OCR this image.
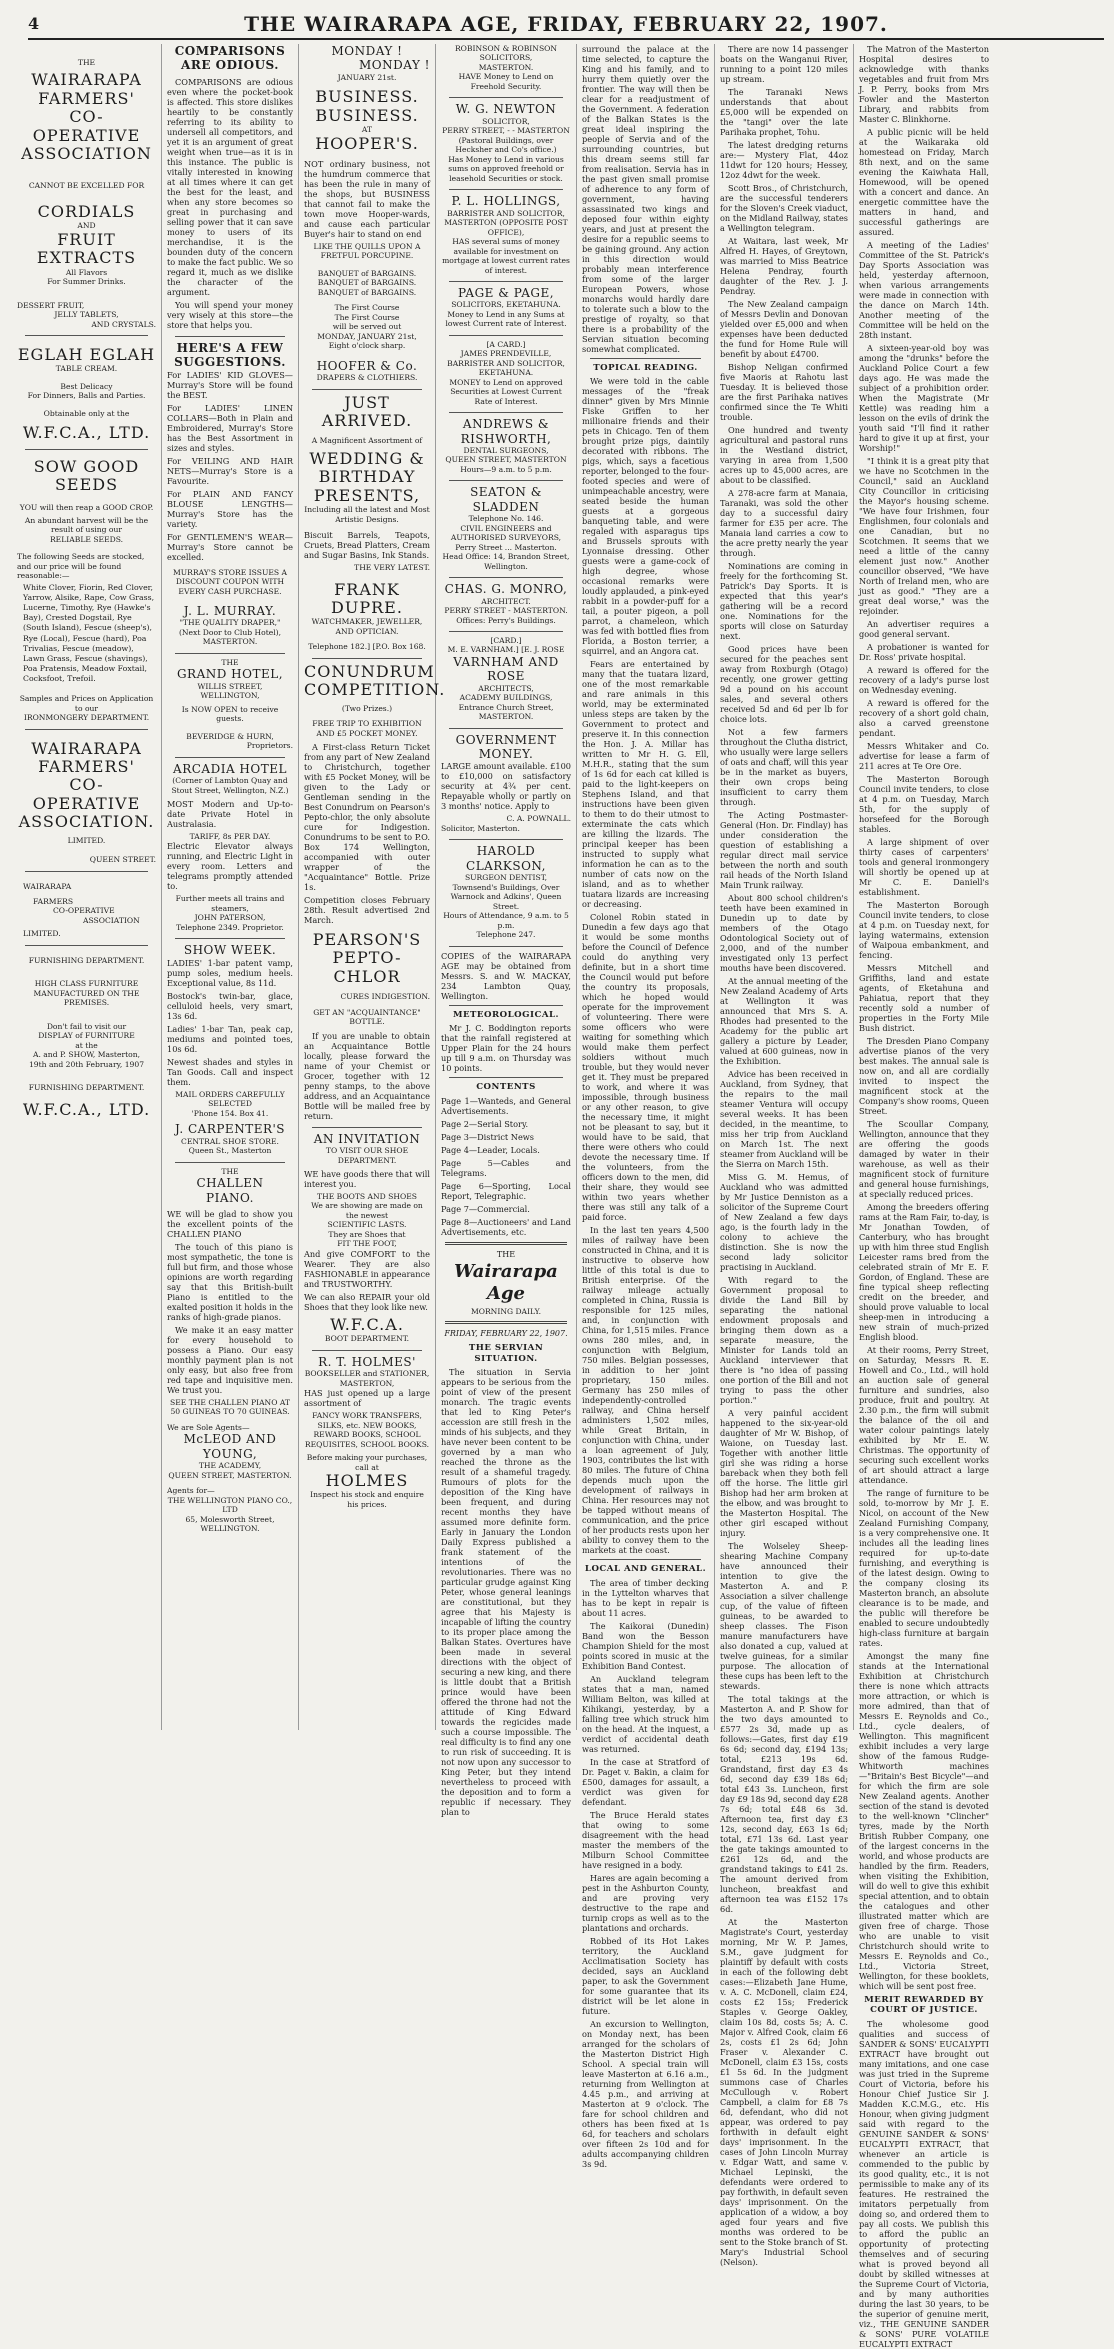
4	THE WAIRARAPA AGE, FRIDAY, FEBRUARY 22, 1907.
THE
WAIRARAPA
FARMERS'
CO-OPERATIVE
ASSOCIATION
CANNOT BE EXCELLED FOR
CORDIALS
AND
FRUIT EXTRACTS
All Flavors
For Summer Drinks.
DESSERT FRUIT,
JELLY TABLETS,
AND CRYSTALS.
EGLAH EGLAH
TABLE CREAM.
Best Delicacy
For Dinners, Balls and Parties.
Obtainable only at the
W.F.C.A., LTD.
SOW GOOD SEEDS
YOU will then reap a GOOD CROP.
An abundant harvest will be the result of using our
RELIABLE SEEDS.
The following Seeds are stocked, and our price will be found reasonable:—
White Clover, Fiorin, Red Clover, Yarrow, Alsike, Rape, Cow Grass, Lucerne, Timothy, Rye (Hawke's Bay), Crested Dogstail, Rye (South Island), Fescue (sheep's), Rye (Local), Fescue (hard), Poa Trivalias, Fescue (meadow), Lawn Grass, Fescue (shavings), Poa Pratensis, Meadow Foxtail, Cocksfoot, Trefoil.
Samples and Prices on Application to our
IRONMONGERY DEPARTMENT.
WAIRARAPA
FARMERS'
CO-OPERATIVE
ASSOCIATION.
LIMITED.
QUEEN STREET.
WAIRARAPA
FARMERS
CO-OPERATIVE
ASSOCIATION
LIMITED.
FURNISHING DEPARTMENT.
HIGH CLASS FURNITURE MANUFACTURED ON THE PREMISES.
Don't fail to visit our
DISPLAY of FURNITURE
at the
A. and P. SHOW, Masterton,
19th and 20th February, 1907
FURNISHING DEPARTMENT.
W.F.C.A., LTD.
COMPARISONS ARE ODIOUS.

COMPARISONS are odious even where the pocket-book is affected. This store dislikes heartily to be constantly referring to its ability to undersell all competitors, and yet it is an argument of great weight when true—as it is in this instance. The public is vitally interested in knowing at all times where it can get the best for the least, and when any store becomes so great in purchasing and selling power that it can save money to users of its merchandise, it is the bounden duty of the concern to make the fact public. We so regard it, much as we dislike the character of the argument.

You will spend your money very wisely at this store—the store that helps you.

HERE'S A FEW SUGGESTIONS.

For LADIES' KID GLOVES—Murray's Store will be found the BEST.

For LADIES' LINEN COLLARS—Both in Plain and Embroidered, Murray's Store has the Best Assortment in sizes and styles.

For VEILING AND HAIR NETS—Murray's Store is a Favourite.

For PLAIN AND FANCY BLOUSE LENGTHS—Murray's Store has the variety.

For GENTLEMEN'S WEAR—Murray's Store cannot be excelled.

MURRAY'S STORE ISSUES A DISCOUNT COUPON WITH EVERY CASH PURCHASE.
J. L. MURRAY.
"THE QUALITY DRAPER,"
(Next Door to Club Hotel),
MASTERTON.
THE
GRAND HOTEL,
WILLIS STREET, WELLINGTON,
Is NOW OPEN to receive guests.
BEVERIDGE & HURN,
Proprietors.
ARCADIA HOTEL
(Corner of Lambton Quay and Stout Street, Wellington, N.Z.)

MOST Modern and Up-to-date Private Hotel in Australasia.

TARIFF, 8s PER DAY.

Electric Elevator always running, and Electric Light in every room. Letters and telegrams promptly attended to.

Further meets all trains and steamers,
JOHN PATERSON,
Telephone 2349. Proprietor.
SHOW WEEK.

LADIES' 1-bar patent vamp, pump soles, medium heels. Exceptional value, 8s 11d.

Bostock's twin-bar, glace, celluloid heels, very smart, 13s 6d.

Ladies' 1-bar Tan, peak cap, mediums and pointed toes, 10s 6d.

Newest shades and styles in Tan Goods. Call and inspect them.

MAIL ORDERS CAREFULLY SELECTED
'Phone 154. Box 41.
J. CARPENTER'S
CENTRAL SHOE STORE.
Queen St., Masterton
THE
CHALLEN
PIANO.

WE will be glad to show you the excellent points of the CHALLEN PIANO

The touch of this piano is most sympathetic, the tone is full but firm, and those whose opinions are worth regarding say that this British-built Piano is entitled to the exalted position it holds in the ranks of high-grade pianos.

We make it an easy matter for every household to possess a Piano. Our easy monthly payment plan is not only easy, but also free from red tape and inquisitive men. We trust you.

SEE THE CHALLEN PIANO AT 50 GUINEAS TO 70 GUINEAS.
We are Sole Agents—
McLEOD AND YOUNG,
THE ACADEMY,
QUEEN STREET, MASTERTON.
Agents for—
THE WELLINGTON PIANO CO., LTD
65, Molesworth Street,
WELLINGTON.
MONDAY !
MONDAY !
JANUARY 21st.
BUSINESS.
BUSINESS.
AT
HOOPER'S.

NOT ordinary business, not the humdrum commerce that has been the rule in many of the shops, but BUSINESS that cannot fail to make the town move Hooper-wards, and cause each particular Buyer's hair to stand on end

LIKE THE QUILLS UPON A FRETFUL PORCUPINE.
BANQUET of BARGAINS.
BANQUET of BARGAINS.
BANQUET of BARGAINS.
The First Course
The First Course
will be served out
MONDAY, JANUARY 21st,
Eight o'clock sharp.
HOOFER & Co.
DRAPERS & CLOTHIERS.
JUST ARRIVED.
A Magnificent Assortment of
WEDDING & BIRTHDAY PRESENTS,
Including all the latest and Most Artistic Designs.

Biscuit Barrels, Teapots, Cruets, Bread Platters, Cream and Sugar Basins, Ink Stands.

THE VERY LATEST.
FRANK DUPRE.
WATCHMAKER, JEWELLER, AND OPTICIAN.
Telephone 182.] [P.O. Box 168.
CONUNDRUM
COMPETITION.
(Two Prizes.)
FREE TRIP TO EXHIBITION AND £5 POCKET MONEY.

A First-class Return Ticket from any part of New Zealand to Christchurch, together with £5 Pocket Money, will be given to the Lady or Gentleman sending in the Best Conundrum on Pearson's Pepto-chlor, the only absolute cure for Indigestion. Conundrums to be sent to P.O. Box 174 Wellington, accompanied with outer wrapper of the "Acquaintance" Bottle. Prize 1s.

Competition closes February 28th. Result advertised 2nd March.

PEARSON'S
PEPTO-CHLOR
CURES INDIGESTION.
GET AN "ACQUAINTANCE" BOTTLE.

If you are unable to obtain an Acquaintance Bottle locally, please forward the name of your Chemist or Grocer, together with 12 penny stamps, to the above address, and an Acquaintance Bottle will be mailed free by return.

AN INVITATION
TO VISIT OUR SHOE DEPARTMENT.

WE have goods there that will interest you.

THE BOOTS AND SHOES
We are showing are made on the newest
SCIENTIFIC LASTS.
They are Shoes that
FIT THE FOOT,

And give COMFORT to the Wearer. They are also FASHIONABLE in appearance and TRUSTWORTHY.

We can also REPAIR your old Shoes that they look like new.

W.F.C.A.
BOOT DEPARTMENT.
R. T. HOLMES'
BOOKSELLER and STATIONER,
MASTERTON,

HAS just opened up a large assortment of

FANCY WORK TRANSFERS, SILKS, etc. NEW BOOKS, REWARD BOOKS, SCHOOL REQUISITES, SCHOOL BOOKS.
Before making your purchases, call at
HOLMES
Inspect his stock and enquire his prices.
ROBINSON & ROBINSON
SOLICITORS,
MASTERTON.
HAVE Money to Lend on Freehold Security.
W. G. NEWTON
SOLICITOR,
PERRY STREET, - - MASTERTON
(Pastoral Buildings, over Hecksher and Co's office.)
Has Money to Lend in various sums on approved freehold or leasehold Securities or stock.
P. L. HOLLINGS,
BARRISTER AND SOLICITOR,
MASTERTON (OPPOSITE POST OFFICE),
HAS several sums of money available for investment on mortgage at lowest current rates of interest.
PAGE & PAGE,
SOLICITORS, EKETAHUNA.
Money to Lend in any Sums at lowest Current rate of Interest.
[A CARD.]
JAMES PRENDEVILLE,
BARRISTER AND SOLICITOR,
EKETAHUNA.
MONEY to Lend on approved Securities at Lowest Current Rate of Interest.
ANDREWS & RISHWORTH,
DENTAL SURGEONS,
QUEEN STREET, MASTERTON
Hours—9 a.m. to 5 p.m.
SEATON & SLADDEN
Telephone No. 146.
CIVIL ENGINEERS and AUTHORISED SURVEYORS,
Perry Street ... Masterton.
Head Office: 14, Brandon Street, Wellington.
CHAS. G. MONRO,
ARCHITECT.
PERRY STREET - MASTERTON.
Offices: Perry's Buildings.
[CARD.]
M. E. VARNHAM.] [E. J. ROSE
VARNHAM AND ROSE
ARCHITECTS,
ACADEMY BUILDINGS,
Entrance Church Street, MASTERTON.
GOVERNMENT MONEY.

LARGE amount available. £100 to £10,000 on satisfactory security at 4¾ per cent. Repayable wholly or partly on 3 months' notice. Apply to

C. A. POWNALL.
Solicitor, Masterton.
HAROLD CLARKSON,
SURGEON DENTIST,
Townsend's Buildings, Over Warnock and Adkins', Queen Street.
Hours of Attendance, 9 a.m. to 5 p.m.
Telephone 247.

COPIES of the WAIRARAPA AGE may be obtained from Messrs. S. and W. MACKAY, 234 Lambton Quay, Wellington.

METEOROLOGICAL.

Mr J. C. Boddington reports that the rainfall registered at Upper Plain for the 24 hours up till 9 a.m. on Thursday was 10 points.

CONTENTS

Page 1—Wanteds, and General Advertisements.

Page 2—Serial Story.

Page 3—District News

Page 4—Leader, Locals.

Page 5—Cables and Telegrams.

Page 6—Sporting, Local Report, Telegraphic.

Page 7—Commercial.

Page 8—Auctioneers' and Land Advertisements, etc.

THE
Wairarapa Age
MORNING DAILY.
FRIDAY, FEBRUARY 22, 1907.
THE SERVIAN SITUATION.

The situation in Servia appears to be serious from the point of view of the present monarch. The tragic events that led to King Peter's accession are still fresh in the minds of his subjects, and they have never been content to be governed by a man who reached the throne as the result of a shameful tragedy. Rumours of plots for the deposition of the King have been frequent, and during recent months they have assumed more definite form. Early in January the London Daily Express published a frank statement of the intentions of the revolutionaries. There was no particular grudge against King Peter, whose general leanings are constitutional, but they agree that his Majesty is incapable of lifting the country to its proper place among the Balkan States. Overtures have been made in several directions with the object of securing a new king, and there is little doubt that a British prince would have been offered the throne had not the attitude of King Edward towards the regicides made such a course impossible. The real difficulty is to find any one to run risk of succeeding. It is not now upon any successor to King Peter, but they intend nevertheless to proceed with the deposition and to form a republic if necessary. They plan to

surround the palace at the time selected, to capture the King and his family, and to hurry them quietly over the frontier. The way will then be clear for a readjustment of the Government. A federation of the Balkan States is the great ideal inspiring the people of Servia and of the surrounding countries, but this dream seems still far from realisation. Servia has in the past given small promise of adherence to any form of government, having assassinated two kings and deposed four within eighty years, and just at present the desire for a republic seems to be gaining ground. Any action in this direction would probably mean interference from some of the larger European Powers, whose monarchs would hardly dare to tolerate such a blow to the prestige of royalty, so that there is a probability of the Servian situation becoming somewhat complicated.

TOPICAL READING.

We were told in the cable messages of the "freak dinner" given by Mrs Minnie Fiske Griffen to her millionaire friends and their pets in Chicago. Ten of them brought prize pigs, daintily decorated with ribbons. The pigs, which, says a facetious reporter, belonged to the four-footed species and were of unimpeachable ancestry, were seated beside the human guests at a gorgeous banqueting table, and were regaled with asparagus tips and Brussels sprouts with Lyonnaise dressing. Other guests were a game-cock of high degree, whose occasional remarks were loudly applauded, a pink-eyed rabbit in a powder-puff for a tail, a pouter pigeon, a poll parrot, a chameleon, which was fed with bottled flies from Florida, a Boston terrier, a squirrel, and an Angora cat.

Fears are entertained by many that the tuatara lizard, one of the most remarkable and rare animals in this world, may be exterminated unless steps are taken by the Government to protect and preserve it. In this connection the Hon. J. A. Millar has written to Mr H. G. Ell, M.H.R., stating that the sum of 1s 6d for each cat killed is paid to the light-keepers on Stephens Island, and that instructions have been given to them to do their utmost to exterminate the cats which are killing the lizards. The principal keeper has been instructed to supply what information he can as to the number of cats now on the island, and as to whether tuatara lizards are increasing or decreasing.

Colonel Robin stated in Dunedin a few days ago that it would be some months before the Council of Defence could do anything very definite, but in a short time the Council would put before the country its proposals, which he hoped would operate for the improvement of volunteering. There were some officers who were waiting for something which would make them perfect soldiers without much trouble, but they would never get it. They must be prepared to work, and where it was impossible, through business or any other reason, to give the necessary time, it might not be pleasant to say, but it would have to be said, that there were others who could devote the necessary time. If the volunteers, from the officers down to the men, did their share, they would see within two years whether there was still any talk of a paid force.

In the last ten years 4,500 miles of railway have been constructed in China, and it is instructive to observe how little of this total is due to British enterprise. Of the railway mileage actually completed in China, Russia is responsible for 125 miles, and, in conjunction with China, for 1,515 miles. France owns 280 miles, and, in conjunction with Belgium, 750 miles. Belgian possesses, in addition to her joint proprietary, 150 miles. Germany has 250 miles of independently-controlled railway, and China herself administers 1,502 miles, while Great Britain, in conjunction with China, under a loan agreement of July, 1903, contributes the list with 80 miles. The future of China depends much upon the development of railways in China. Her resources may not be tapped without means of communication, and the price of her products rests upon her ability to convey them to the markets at the coast.

LOCAL AND GENERAL.

The area of timber decking in the Lyttelton wharves that has to be kept in repair is about 11 acres.

The Kaikorai (Dunedin) Band won the Besson Champion Shield for the most points scored in music at the Exhibition Band Contest.

An Auckland telegram states that a man, named William Belton, was killed at Kihikangi, yesterday, by a falling tree which struck him on the head. At the inquest, a verdict of accidental death was returned.

In the case at Stratford of Dr. Paget v. Bakin, a claim for £500, damages for assault, a verdict was given for defendant.

The Bruce Herald states that owing to some disagreement with the head master the members of the Milburn School Committee have resigned in a body.

Hares are again becoming a pest in the Ashburton County, and are proving very destructive to the rape and turnip crops as well as to the plantations and orchards.

Robbed of its Hot Lakes territory, the Auckland Acclimatisation Society has decided, says an Auckland paper, to ask the Government for some guarantee that its district will be let alone in future.

An excursion to Wellington, on Monday next, has been arranged for the scholars of the Masterton District High School. A special train will leave Masterton at 6.16 a.m., returning from Wellington at 4.45 p.m., and arriving at Masterton at 9 o'clock. The fare for school children and others has been fixed at 1s 6d, for teachers and scholars over fifteen 2s 10d and for adults accompanying children 3s 9d.

There are now 14 passenger boats on the Wanganui River, running to a point 120 miles up stream.

The Taranaki News understands that about £5,000 will be expended on the "tangi" over the late Parihaka prophet, Tohu.

The latest dredging returns are:— Mystery Flat, 44oz 11dwt for 120 hours; Hessey, 12oz 4dwt for the week.

Scott Bros., of Christchurch, are the successful tenderers for the Sloven's Creek viaduct, on the Midland Railway, states a Wellington telegram.

At Waitara, last week, Mr Alfred H. Hayes, of Greytown, was married to Miss Beatrice Helena Pendray, fourth daughter of the Rev. J. J. Pendray.

The New Zealand campaign of Messrs Devlin and Donovan yielded over £5,000 and when expenses have been deducted the fund for Home Rule will benefit by about £4700.

Bishop Neligan confirmed five Maoris at Rahotu last Tuesday. It is believed those are the first Parihaka natives confirmed since the Te Whiti trouble.

One hundred and twenty agricultural and pastoral runs in the Westland district, varying in area from 1,500 acres up to 45,000 acres, are about to be classified.

A 278-acre farm at Manaia, Taranaki, was sold the other day to a successful dairy farmer for £35 per acre. The Manaia land carries a cow to the acre pretty nearly the year through.

Nominations are coming in freely for the forthcoming St. Patrick's Day Sports. It is expected that this year's gathering will be a record one. Nominations for the sports will close on Saturday next.

Good prices have been secured for the peaches sent away from Roxburgh (Otago) recently, one grower getting 9d a pound on his account sales, and several others received 5d and 6d per lb for choice lots.

Not a few farmers throughout the Clutha district, who usually were large sellers of oats and chaff, will this year be in the market as buyers, their own crops being insufficient to carry them through.

The Acting Postmaster-General (Hon. Dr. Findlay) has under consideration the question of establishing a regular direct mail service between the north and south rail heads of the North Island Main Trunk railway.

About 800 school children's teeth have been examined in Dunedin up to date by members of the Otago Odontological Society out of 2,000, and of the number investigated only 13 perfect mouths have been discovered.

At the annual meeting of the New Zealand Academy of Arts at Wellington it was announced that Mrs S. A. Rhodes had presented to the Academy for the public art gallery a picture by Leader, valued at 600 guineas, now in the Exhibition.

Advice has been received in Auckland, from Sydney, that the repairs to the mail steamer Ventura will occupy several weeks. It has been decided, in the meantime, to miss her trip from Auckland on March 1st. The next steamer from Auckland will be the Sierra on March 15th.

Miss G. M. Hemus, of Auckland who was admitted by Mr Justice Denniston as a solicitor of the Supreme Court of New Zealand a few days ago, is the fourth lady in the colony to achieve the distinction. She is now the second lady solicitor practising in Auckland.

With regard to the Government proposal to divide the Land Bill by separating the national endowment proposals and bringing them down as a separate measure, the Minister for Lands told an Auckland interviewer that there is "no idea of passing one portion of the Bill and not trying to pass the other portion."

A very painful accident happened to the six-year-old daughter of Mr W. Bishop, of Waione, on Tuesday last. Together with another little girl she was riding a horse bareback when they both fell off the horse. The little girl Bishop had her arm broken at the elbow, and was brought to the Masterton Hospital. The other girl escaped without injury.

The Wolseley Sheep-shearing Machine Company have announced their intention to give the Masterton A. and P. Association a silver challenge cup, of the value of fifteen guineas, to be awarded to sheep classes. The Fison manure manufacturers have also donated a cup, valued at twelve guineas, for a similar purpose. The allocation of these cups has been left to the stewards.

The total takings at the Masterton A. and P. Show for the two days amounted to £577 2s 3d, made up as follows:—Gates, first day £19 6s 6d; second day, £194 13s; total, £213 19s 6d. Grandstand, first day £3 4s 6d, second day £39 18s 6d; total £43 3s. Luncheon, first day £9 18s 9d, second day £28 7s 6d; total £48 6s 3d. Afternoon tea, first day £3 12s, second day, £63 1s 6d; total, £71 13s 6d. Last year the gate takings amounted to £261 12s 6d, and the grandstand takings to £41 2s. The amount derived from luncheon, breakfast and afternoon tea was £152 17s 6d.

At the Masterton Magistrate's Court, yesterday morning, Mr W. P. James, S.M., gave judgment for plaintiff by default with costs in each of the following debt cases:—Elizabeth Jane Hume, v. A. C. McDonell, claim £24, costs £2 15s; Frederick Staples v. George Oakley, claim 10s 8d, costs 5s; A. C. Major v. Alfred Cook, claim £6 2s, costs £1 2s 6d; John Fraser v. Alexander C. McDonell, claim £3 15s, costs £1 5s 6d. In the judgment summons case of Charles McCullough v. Robert Campbell, a claim for £8 7s 6d, defendant, who did not appear, was ordered to pay forthwith in default eight days' imprisonment. In the cases of John Lincoln Murray v. Edgar Watt, and same v. Michael Lepinski, the defendants were ordered to pay forthwith, in default seven days' imprisonment. On the application of a widow, a boy aged four years and five months was ordered to be sent to the Stoke branch of St. Mary's Industrial School (Nelson).

The Matron of the Masterton Hospital desires to acknowledge with thanks vegetables and fruit from Mrs J. P. Perry, books from Mrs Fowler and the Masterton Library, and rabbits from Master C. Blinkhorne.

A public picnic will be held at the Waikaraka old homestead on Friday, March 8th next, and on the same evening the Kaiwhata Hall, Homewood, will be opened with a concert and dance. An energetic committee have the matters in hand, and successful gatherings are assured.

A meeting of the Ladies' Committee of the St. Patrick's Day Sports Association was held, yesterday afternoon, when various arrangements were made in connection with the dance on March 14th. Another meeting of the Committee will be held on the 28th instant.

A sixteen-year-old boy was among the "drunks" before the Auckland Police Court a few days ago. He was made the subject of a prohibition order. When the Magistrate (Mr Kettle) was reading him a lesson on the evils of drink the youth said "I'll find it rather hard to give it up at first, your Worship!"

"I think it is a great pity that we have no Scotchmen in the Council," said an Auckland City Councillor in criticising the Mayor's housing scheme. "We have four Irishmen, four Englishmen, four colonials and one Canadian, but no Scotchmen. It seems that we need a little of the canny element just now." Another councillor observed, "We have North of Ireland men, who are just as good." "They are a great deal worse," was the rejoinder.

An advertiser requires a good general servant.

A probationer is wanted for Dr. Ross' private hospital.

A reward is offered for the recovery of a lady's purse lost on Wednesday evening.

A reward is offered for the recovery of a short gold chain, also a carved greenstone pendant.

Messrs Whitaker and Co. advertise for lease a farm of 211 acres at Te Ore Ore.

The Masterton Borough Council invite tenders, to close at 4 p.m. on Tuesday, March 5th, for the supply of horsefeed for the Borough stables.

A large shipment of over thirty cases of carpenters' tools and general ironmongery will shortly be opened up at Mr C. E. Daniell's establishment.

The Masterton Borough Council invite tenders, to close at 4 p.m. on Tuesday next, for laying watermains, extension of Waipoua embankment, and fencing.

Messrs Mitchell and Griffiths, land and estate agents, of Eketahuna and Pahiatua, report that they recently sold a number of properties in the Forty Mile Bush district.

The Dresden Piano Company advertise pianos of the very best makes. The annual sale is now on, and all are cordially invited to inspect the magnificent stock at the Company's show rooms, Queen Street.

The Scoullar Company, Wellington, announce that they are offering the goods damaged by water in their warehouse, as well as their magnificent stock of furniture and general house furnishings, at specially reduced prices.

Among the breeders offering rams at the Ram Fair, to-day, is Mr Jonathan Towden, of Canterbury, who has brought up with him three stud English Leicester rams bred from the celebrated strain of Mr E. F. Gordon, of England. These are fine typical sheep reflecting credit on the breeder, and should prove valuable to local sheep-men in introducing a new strain of much-prized English blood.

At their rooms, Perry Street, on Saturday, Messrs R. E. Howell and Co., Ltd., will hold an auction sale of general furniture and sundries, also produce, fruit and poultry. At 2.30 p.m., the firm will submit the balance of the oil and water colour paintings lately exhibited by Mr E. W. Christmas. The opportunity of securing such excellent works of art should attract a large attendance.

The range of furniture to be sold, to-morrow by Mr J. E. Nicol, on account of the New Zealand Furnishing Company, is a very comprehensive one. It includes all the leading lines required for up-to-date furnishing, and everything is of the latest design. Owing to the company closing its Masterton branch, an absolute clearance is to be made, and the public will therefore be enabled to secure undoubtedly high-class furniture at bargain rates.

Amongst the many fine stands at the International Exhibition at Christchurch there is none which attracts more attraction, or which is more admired, than that of Messrs E. Reynolds and Co., Ltd., cycle dealers, of Wellington. This magnificent exhibit includes a very large show of the famous Rudge-Whitworth machines—"Britain's Best Bicycle"—and for which the firm are sole New Zealand agents. Another section of the stand is devoted to the well-known "Clincher" tyres, made by the North British Rubber Company, one of the largest concerns in the world, and whose products are handled by the firm. Readers, when visiting the Exhibition, will do well to give this exhibit special attention, and to obtain the catalogues and other illustrated matter which are given free of charge. Those who are unable to visit Christchurch should write to Messrs E. Reynolds and Co., Ltd., Victoria Street, Wellington, for these booklets, which will be sent post free.

MERIT REWARDED BY COURT OF JUSTICE.

The wholesome good qualities and success of SANDER & SONS' EUCALYPTI EXTRACT have brought out many imitations, and one case was just tried in the Supreme Court of Victoria, before his Honour Chief Justice Sir J. Madden K.C.M.G., etc. His Honour, when giving judgment said with regard to the GENUINE SANDER & SONS' EUCALYPTI EXTRACT, that whenever an article is commended to the public by its good quality, etc., it is not permissible to make any of its features. He restrained the imitators perpetually from doing so, and ordered them to pay all costs. We publish this to afford the public an opportunity of protecting themselves and of securing what is proved beyond all doubt by skilled witnesses at the Supreme Court of Victoria, and by many authorities during the last 30 years, to be the superior of genuine merit, viz., THE GENUINE SANDER & SONS' PURE VOLATILE EUCALYPTI EXTRACT
